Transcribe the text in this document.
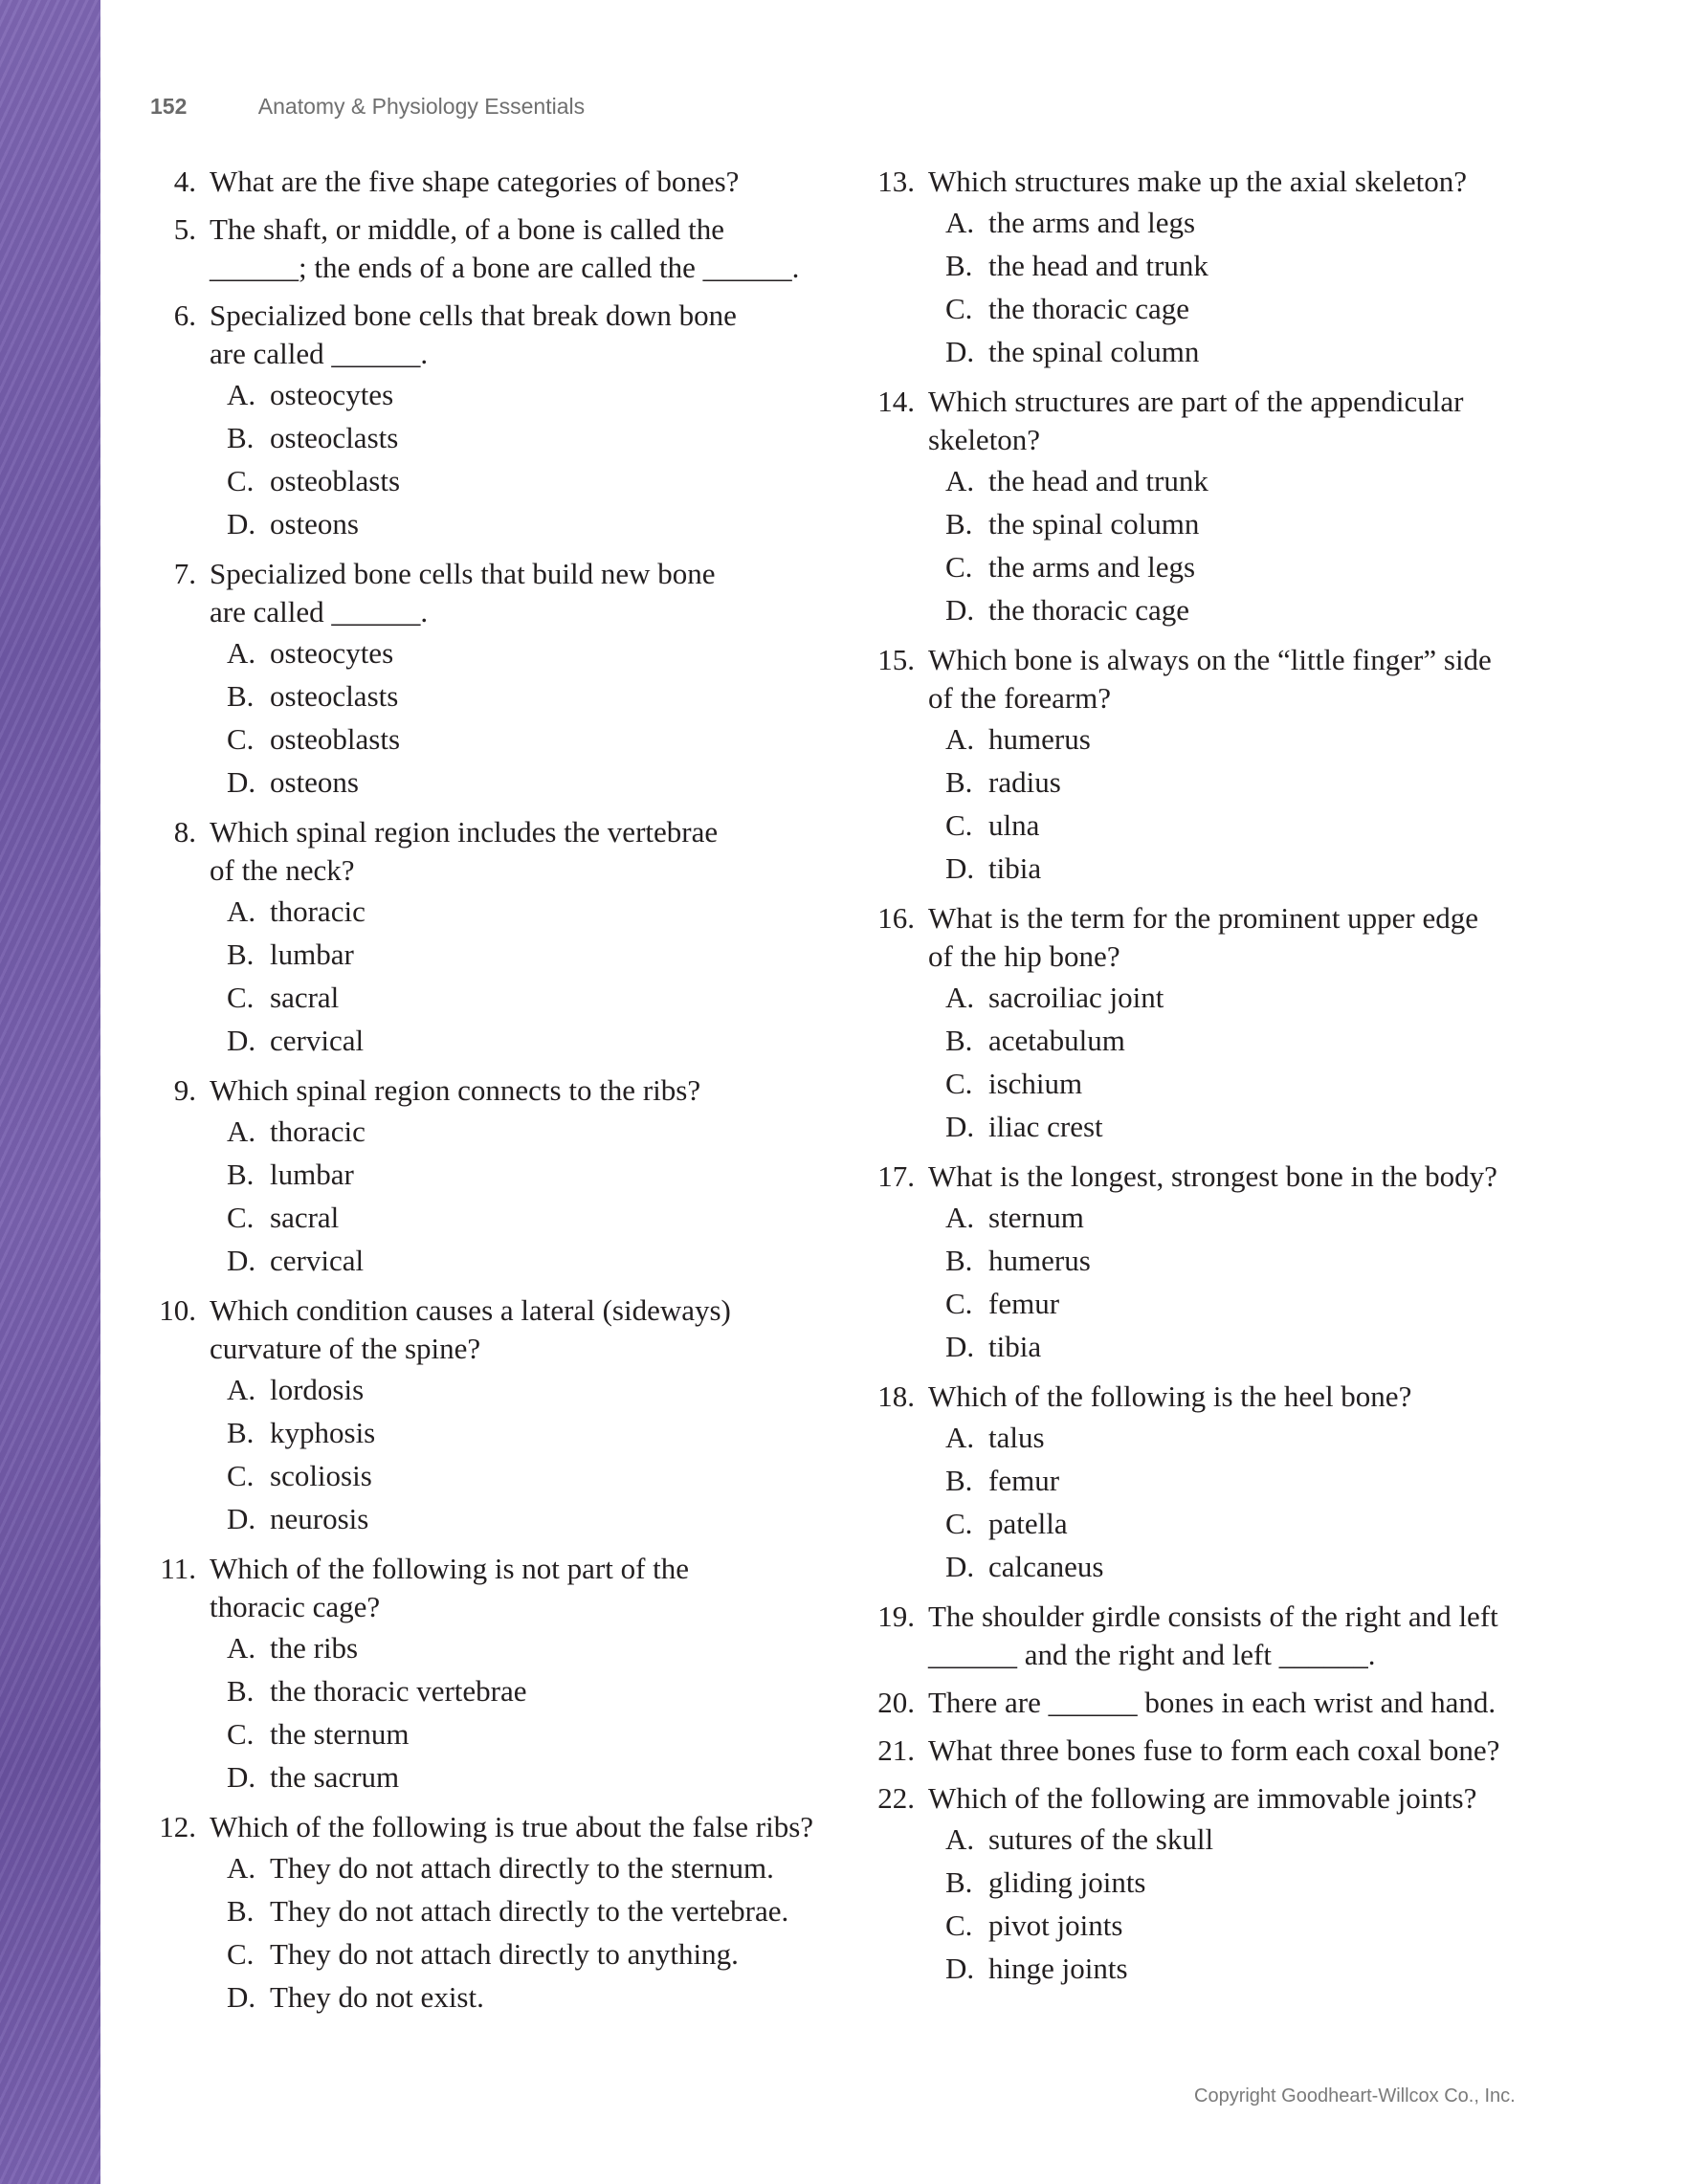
152	Anatomy & Physiology Essentials
4. What are the five shape categories of bones?
5. The shaft, or middle, of a bone is called the
______; the ends of a bone are called the ______.
6. Specialized bone cells that break down bone
are called ______.
A. osteocytes
B. osteoclasts
C. osteoblasts
D. osteons
7. Specialized bone cells that build new bone
are called ______.
A. osteocytes
B. osteoclasts
C. osteoblasts
D. osteons
8. Which spinal region includes the vertebrae
of the neck?
A. thoracic
B. lumbar
C. sacral
D. cervical
9. Which spinal region connects to the ribs?
A. thoracic
B. lumbar
C. sacral
D. cervical
10. Which condition causes a lateral (sideways)
curvature of the spine?
A. lordosis
B. kyphosis
C. scoliosis
D. neurosis
11. Which of the following is not part of the
thoracic cage?
A. the ribs
B. the thoracic vertebrae
C. the sternum
D. the sacrum
12. Which of the following is true about the false ribs?
A. They do not attach directly to the sternum.
B. They do not attach directly to the vertebrae.
C. They do not attach directly to anything.
D. They do not exist.
13. Which structures make up the axial skeleton?
A. the arms and legs
B. the head and trunk
C. the thoracic cage
D. the spinal column
14. Which structures are part of the appendicular
skeleton?
A. the head and trunk
B. the spinal column
C. the arms and legs
D. the thoracic cage
15. Which bone is always on the “little finger” side
of the forearm?
A. humerus
B. radius
C. ulna
D. tibia
16. What is the term for the prominent upper edge
of the hip bone?
A. sacroiliac joint
B. acetabulum
C. ischium
D. iliac crest
17. What is the longest, strongest bone in the body?
A. sternum
B. humerus
C. femur
D. tibia
18. Which of the following is the heel bone?
A. talus
B. femur
C. patella
D. calcaneus
19. The shoulder girdle consists of the right and left
______ and the right and left ______.
20. There are ______ bones in each wrist and hand.
21. What three bones fuse to form each coxal bone?
22. Which of the following are immovable joints?
A. sutures of the skull
B. gliding joints
C. pivot joints
D. hinge joints
Copyright Goodheart-Willcox Co., Inc.
